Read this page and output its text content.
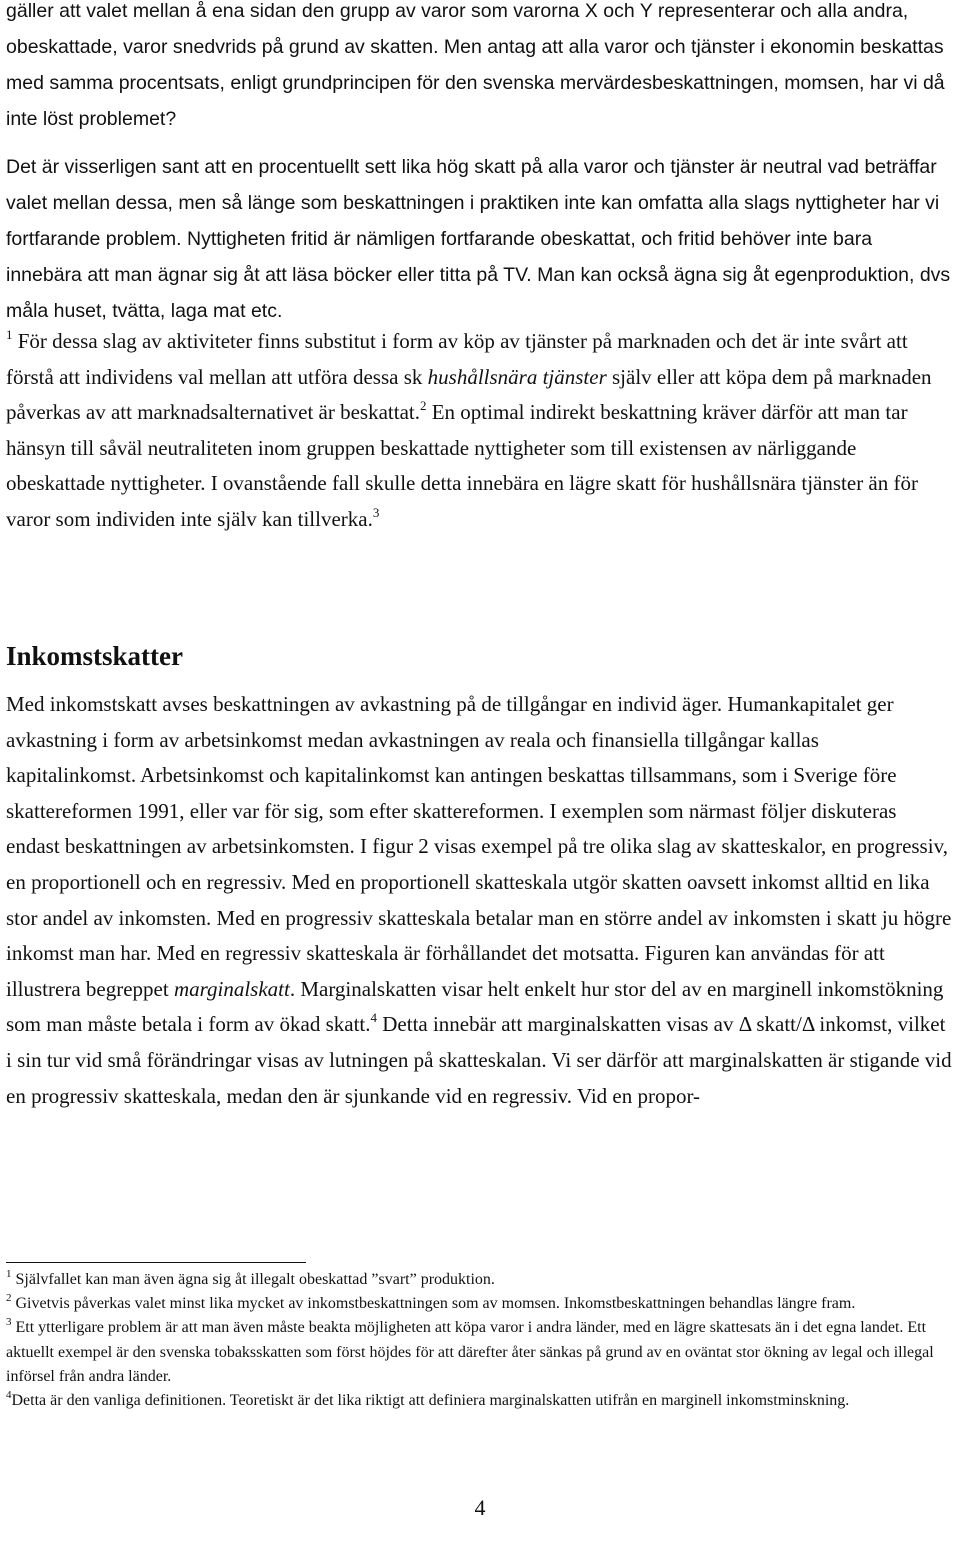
gäller att valet mellan å ena sidan den grupp av varor som varorna X och Y representerar och alla andra, obeskattade, varor snedvrids på grund av skatten. Men antag att alla varor och tjänster i ekonomin beskattas med samma procentsats, enligt grundprincipen för den svenska mervärdesbeskattningen, momsen, har vi då inte löst problemet?

Det är visserligen sant att en procentuellt sett lika hög skatt på alla varor och tjänster är neutral vad beträffar valet mellan dessa, men så länge som beskattningen i praktiken inte kan omfatta alla slags nyttigheter har vi fortfarande problem. Nyttigheten fritid är nämligen fortfarande obeskattat, och fritid behöver inte bara innebära att man ägnar sig åt att läsa böcker eller titta på TV. Man kan också ägna sig åt egenproduktion, dvs måla huset, tvätta, laga mat etc.

$^1$ För dessa slag av aktiviteter finns substitut i form av köp av tjänster på marknaden och det är inte svårt att förstå att individens val mellan att utföra dessa sk hushållsnära tjänster själv eller att köpa dem på marknaden påverkas av att marknadsalternativet är beskattat.$^2$ En optimal indirekt beskattning kräver därför att man tar hänsyn till såväl neutraliteten inom gruppen beskattade nyttigheter som till existensen av närliggande obeskattade nyttigheter. I ovanstående fall skulle detta innebära en lägre skatt för hushållsnära tjänster än för varor som individen inte själv kan tillverka.$^3$

Inkomstskatter

Med inkomstskatt avses beskattningen av avkastning på de tillgångar en individ äger. Humankapitalet ger avkastning i form av arbetsinkomst medan avkastningen av reala och finansiella tillgångar kallas kapitalinkomst. Arbetsinkomst och kapitalinkomst kan antingen beskattas tillsammans, som i Sverige före skattereformen 1991, eller var för sig, som efter skattereformen. I exemplen som närmast följer diskuteras endast beskattningen av arbetsinkomsten. I figur 2 visas exempel på tre olika slag av skatteskalor, en progressiv, en proportionell och en regressiv. Med en proportionell skatteskala utgör skatten oavsett inkomst alltid en lika stor andel av inkomsten. Med en progressiv skatteskala betalar man en större andel av inkomsten i skatt ju högre inkomst man har. Med en regressiv skatteskala är förhållandet det motsatta. Figuren kan användas för att illustrera begreppet marginalskatt. Marginalskatten visar helt enkelt hur stor del av en marginell inkomstökning som man måste betala i form av ökad skatt.$^4$ Detta innebär att marginalskatten visas av Δ skatt/Δ inkomst, vilket i sin tur vid små förändringar visas av lutningen på skatteskalan. Vi ser därför att marginalskatten är stigande vid en progressiv skatteskala, medan den är sjunkande vid en regressiv. Vid en propor-

$^1$ Självfallet kan man även ägna sig åt illegalt obeskattad ”svart” produktion.

$^2$ Givetvis påverkas valet minst lika mycket av inkomstbeskattningen som av momsen. Inkomstbeskattningen behandlas längre fram.

$^3$ Ett ytterligare problem är att man även måste beakta möjligheten att köpa varor i andra länder, med en lägre skattesats än i det egna landet. Ett aktuellt exempel är den svenska tobaksskatten som först höjdes för att därefter åter sänkas på grund av en oväntat stor ökning av legal och illegal införsel från andra länder.

$^4$Detta är den vanliga definitionen. Teoretiskt är det lika riktigt att definiera marginalskatten utifrån en marginell inkomstminskning.

4
